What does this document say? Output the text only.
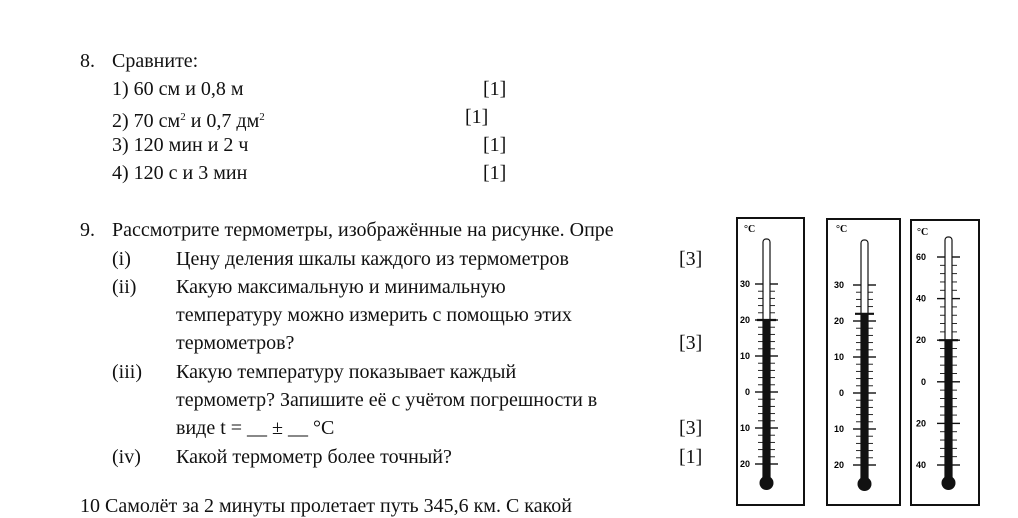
8. Сравните:
1) 60 см и 0,8 м	[1]
2) 70 $см^2$ и 0,7 $дм^2$	[1]
3) 120 мин и 2 ч	[1]
4) 120 с и 3 мин	[1]
9. Рассмотрите термометры, изображённые на рисунке. Опре
(i) Цену деления шкалы каждого из термометров	[3]
(ii) Какую максимальную и минимальную
температуру можно измерить с помощью этих
термометров?	[3]
(iii) Какую температуру показывает каждый
термометр? Запишите её с учётом погрешности в
виде t = __ ± __ °C	[3]
(iv) Какой термометр более точный?	[1]
10 Самолёт за 2 минуты пролетает путь 345,6 км. С какой
°C
30
20
10
0
10
20
°C
30
20
10
0
10
20
°C
60
40
20
0
20
40
